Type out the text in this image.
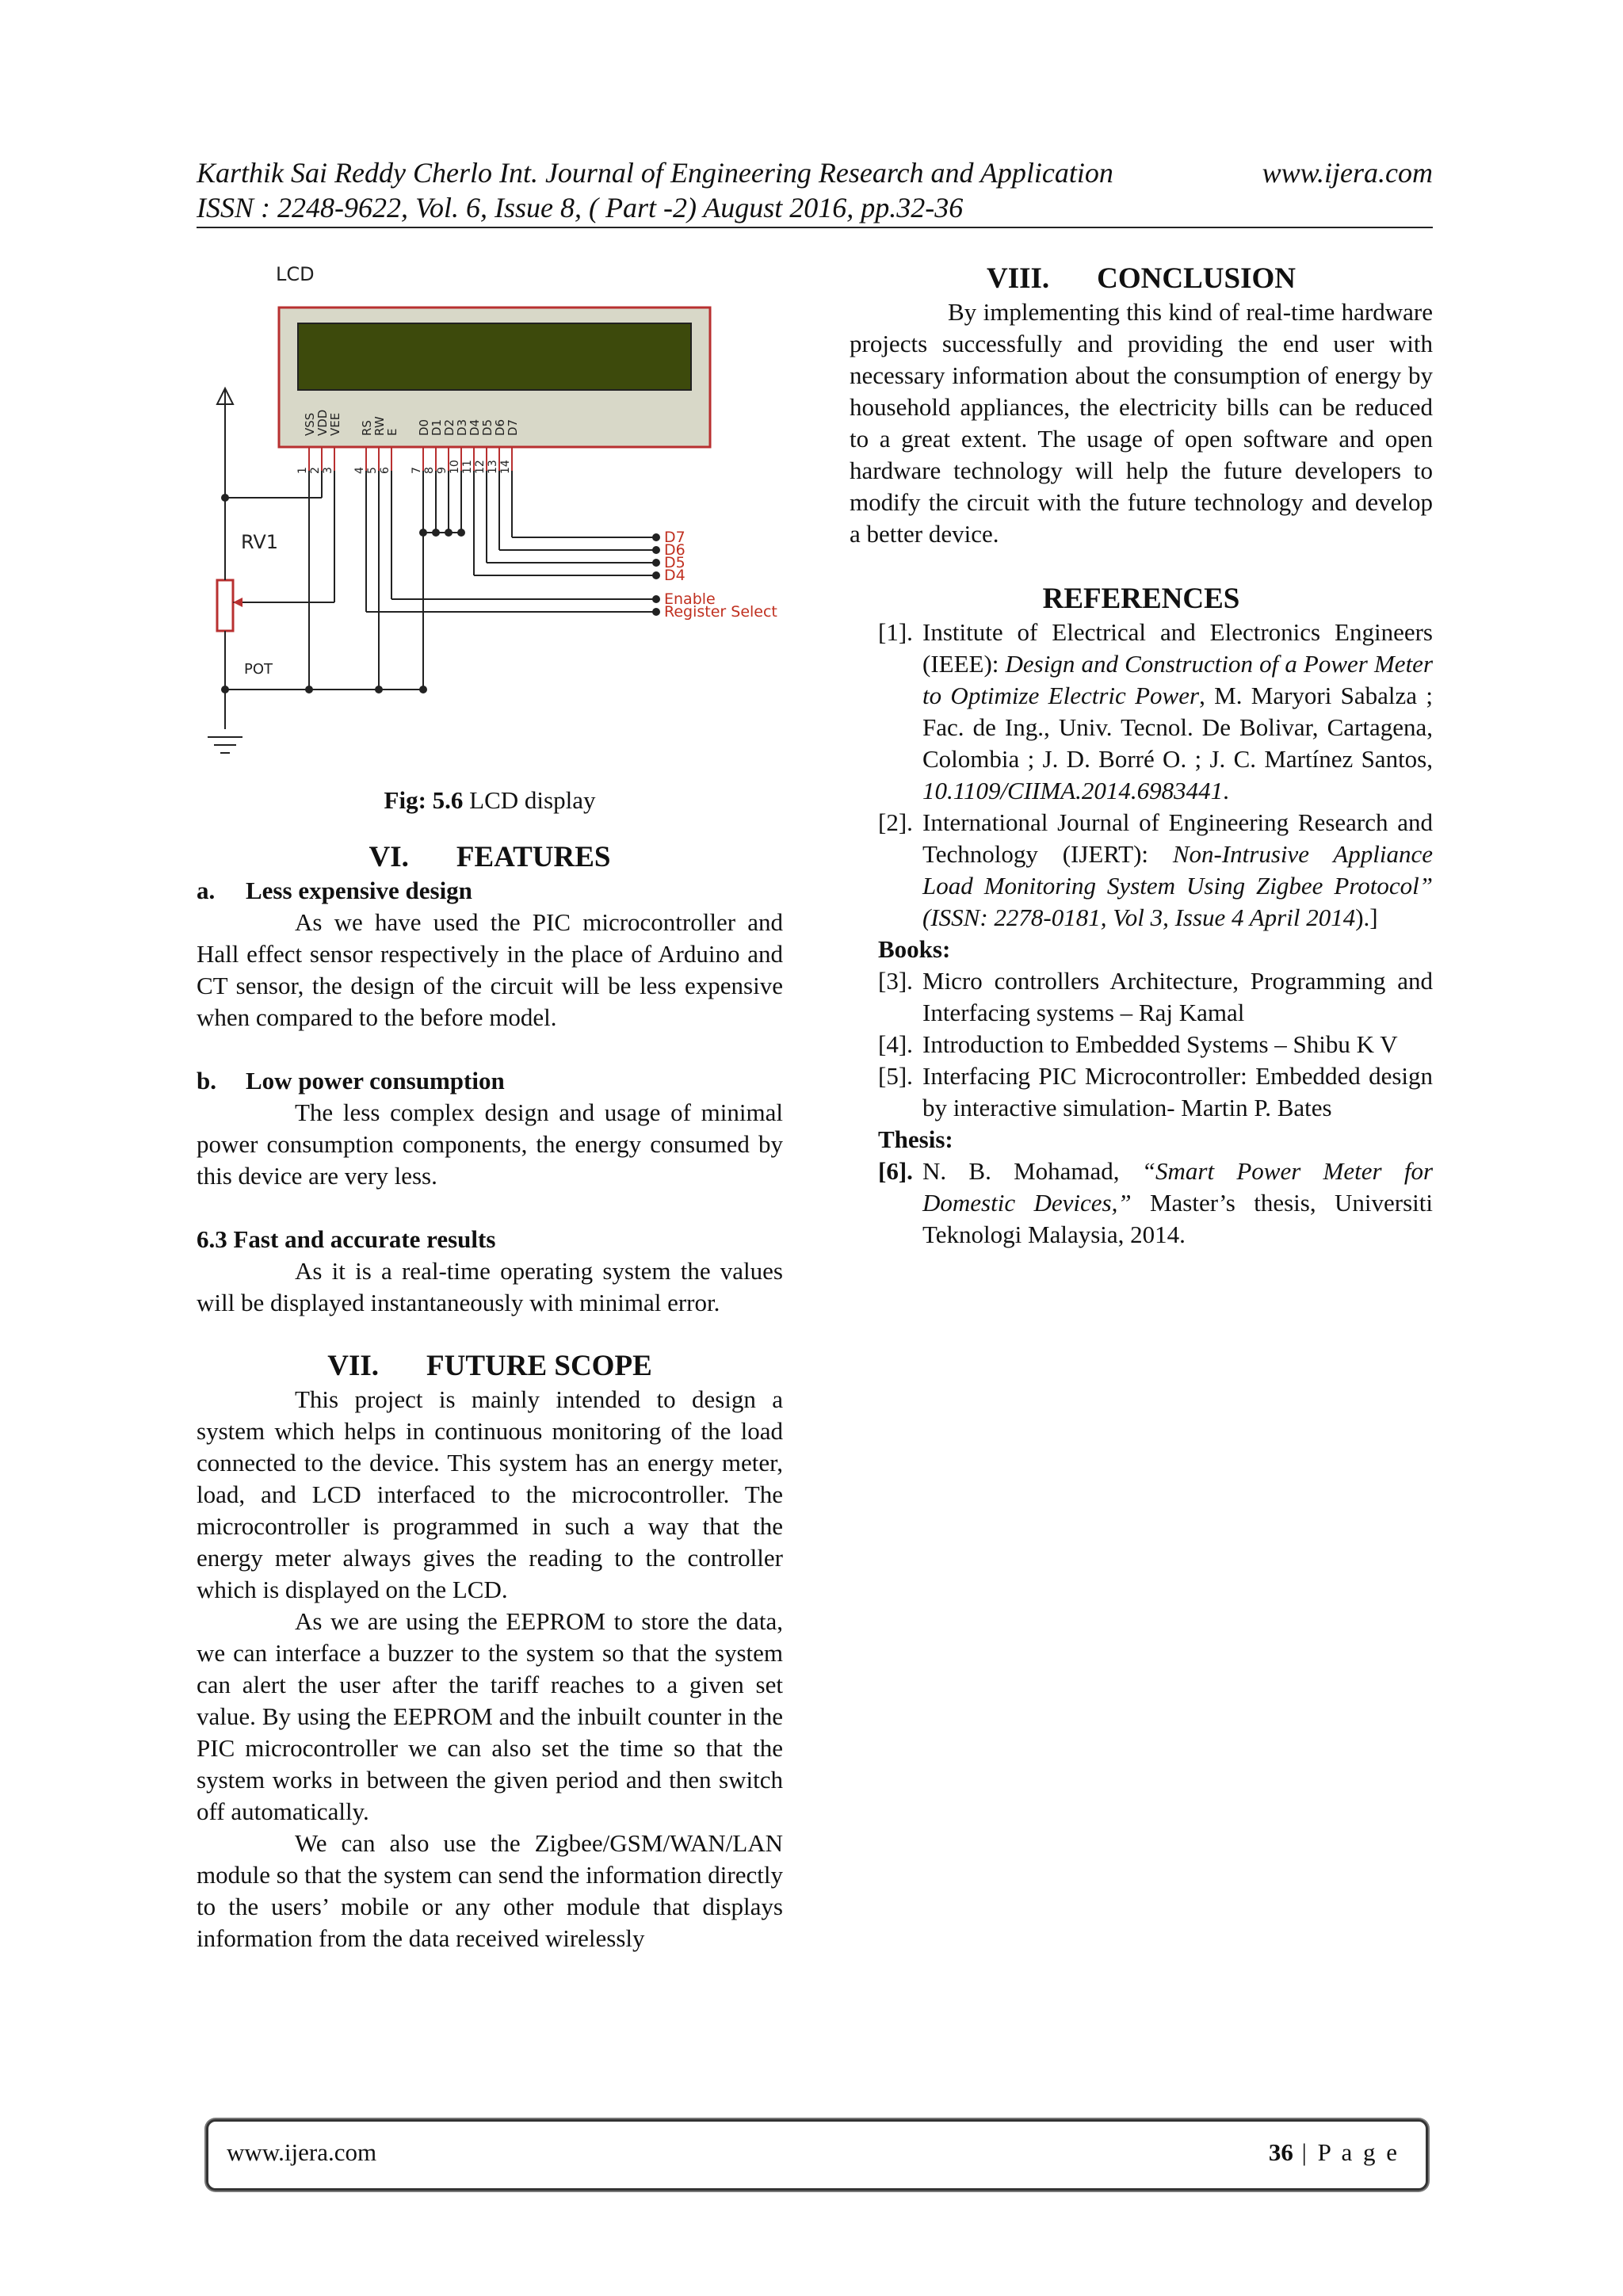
Karthik Sai Reddy Cherlo Int. Journal of Engineering Research and Application	www.ijera.com
ISSN : 2248-9622, Vol. 6, Issue 8, ( Part -2) August 2016, pp.32-36
LCD
VSS
1
VDD
2
VEE
3
RS
4
RW
5
E
6
D0
7
D1
8
D2
9
D3
10
D4
11
D5
12
D6
13
D7
14
RV1
POT
D7
D6
D5
D4
Enable
Register Select

Fig: 5.6 LCD display

VI. FEATURES

a. Less expensive design

As we have used the PIC microcontroller and Hall effect sensor respectively in the place of Arduino and CT sensor, the design of the circuit will be less expensive when compared to the before model.

b. Low power consumption

The less complex design and usage of minimal power consumption components, the energy consumed by this device are very less.

6.3 Fast and accurate results

As it is a real-time operating system the values will be displayed instantaneously with minimal error.

VII. FUTURE SCOPE

This project is mainly intended to design a system which helps in continuous monitoring of the load connected to the device. This system has an energy meter, load, and LCD interfaced to the microcontroller. The microcontroller is programmed in such a way that the energy meter always gives the reading to the controller which is displayed on the LCD.

As we are using the EEPROM to store the data, we can interface a buzzer to the system so that the system can alert the user after the tariff reaches to a given set value. By using the EEPROM and the inbuilt counter in the PIC microcontroller we can also set the time so that the system works in between the given period and then switch off automatically.

We can also use the Zigbee/GSM/WAN/LAN module so that the system can send the information directly to the users’ mobile or any other module that displays information from the data received wirelessly

VIII. CONCLUSION

By implementing this kind of real-time hardware projects successfully and providing the end user with necessary information about the consumption of energy by household appliances, the electricity bills can be reduced to a great extent. The usage of open software and open hardware technology will help the future developers to modify the circuit with the future technology and develop a better device.

REFERENCES

[1]. Institute of Electrical and Electronics Engineers (IEEE): Design and Construction of a Power Meter to Optimize Electric Power, M. Maryori Sabalza ; Fac. de Ing., Univ. Tecnol. De Bolivar, Cartagena, Colombia ; J. D. Borré O. ; J. C. Martínez Santos, 10.1109/CIIMA.2014.6983441.

[2]. International Journal of Engineering Research and Technology (IJERT): Non-Intrusive Appliance Load Monitoring System Using Zigbee Protocol” (ISSN: 2278-0181, Vol 3, Issue 4 April 2014).]

Books:

[3]. Micro controllers Architecture, Programming and Interfacing systems – Raj Kamal

[4]. Introduction to Embedded Systems – Shibu K V

[5]. Interfacing PIC Microcontroller: Embedded design by interactive simulation- Martin P. Bates

Thesis:

[6]. N. B. Mohamad, “Smart Power Meter for Domestic Devices,” Master’s thesis, Universiti Teknologi Malaysia, 2014.

www.ijera.com	36 | P a g e
